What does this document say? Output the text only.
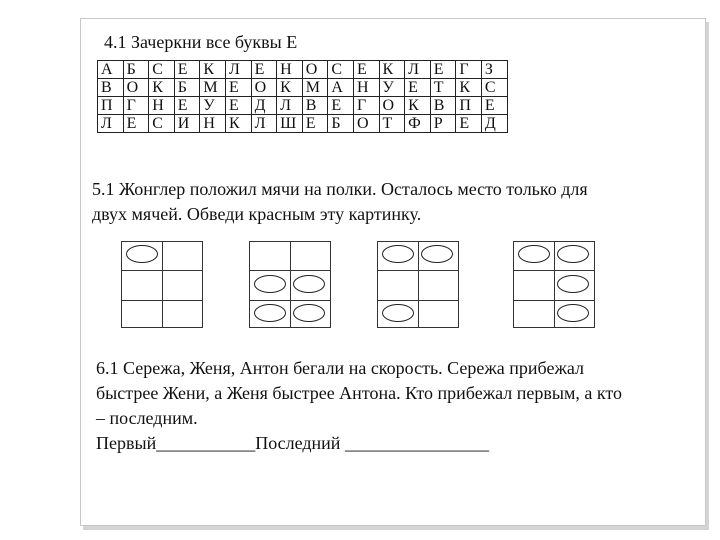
4.1 Зачеркни все буквы Е
А	Б	С	Е	К	Л	Е	Н	О	С	Е	К	Л	Е	Г	З
В	О	К	Б	М	Е	О	К	М	А	Н	У	Е	Т	К	С
П	Г	Н	Е	У	Е	Д	Л	В	Е	Г	О	К	В	П	Е
Л	Е	С	И	Н	К	Л	Ш	Е	Б	О	Т	Ф	Р	Е	Д
5.1 Жонглер положил мячи на полки. Осталось место только для
двух мячей. Обведи красным эту картинку.
6.1 Сережа, Женя, Антон бегали на скорость. Сережа прибежал
быстрее Жени, а Женя быстрее Антона. Кто прибежал первым, а кто
– последним.
Первый___________Последний ________________
